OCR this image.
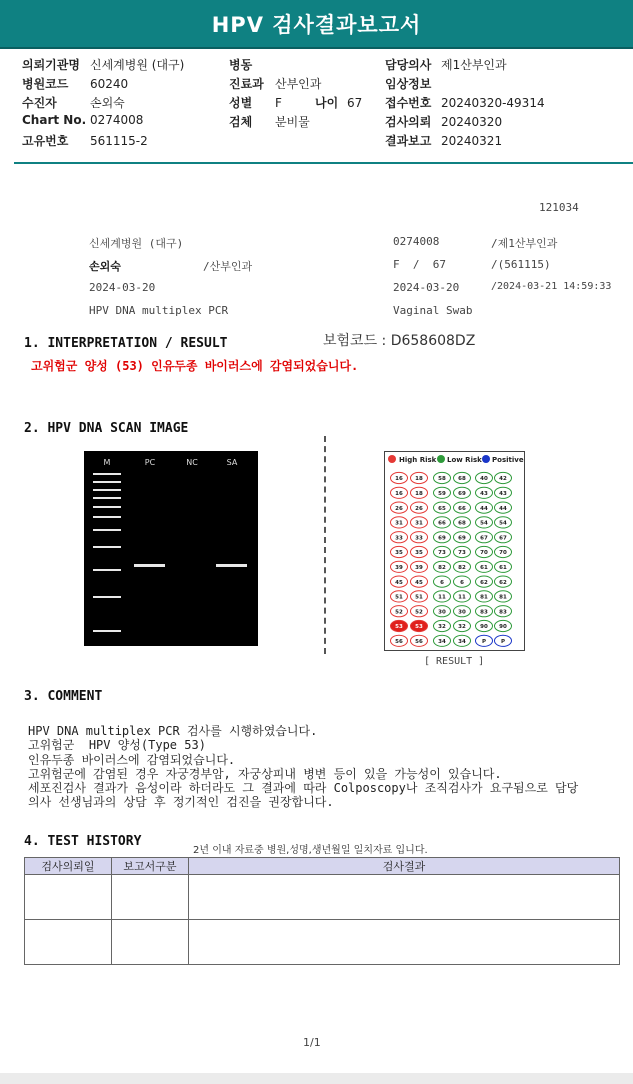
HPV 검사결과보고서
의뢰기관명 신세계병원 (대구)
병원코드 60240
수진자	손외숙
Chart No. 0274008
고유번호 561115-2
병동
진료과 산부인과
성별 F	나이 67
검체 분비물
담당의사 제1산부인과
임상정보
접수번호 20240320-49314
검사의뢰 20240320
결과보고 20240321
121034
신세계병원 (대구)	0274008	/제1산부인과
손외숙	/산부인과	F  /  67	/(561115)
2024-03-20	2024-03-20	/2024-03-21 14:59:33
HPV DNA multiplex PCR	Vaginal Swab
1. INTERPRETATION / RESULT	보험코드 : D658608DZ
고위험군 양성 (53) 인유두종 바이러스에 감염되었습니다.
2. HPV DNA SCAN IMAGE
M	PC	NC	SA	High Risk Low Risk Positive
16 18	58 68	40 42
16 18	59 69	43 43
26 26	65 66	44 44
31 31	66 68	54 54
33 33	69 69	67 67
35 35	73 73	70 70
39 39	82 82	61 61
45 45	6	6	62 62
51 51	11 11	81 81
52 52	30 30	83 83
53 53	32 32	90 90
56 56	34 34	P	P
[ RESULT ]
3. COMMENT
HPV DNA multiplex PCR 검사를 시행하였습니다.
고위험군  HPV 양성(Type 53)
인유두종 바이러스에 감염되었습니다.
고위험군에 감염된 경우 자궁경부암, 자궁상피내 병변 등이 있을 가능성이 있습니다.
세포진검사 결과가 음성이라 하더라도 그 결과에 따라 Colposcopy나 조직검사가 요구됨으로 담당
의사 선생님과의 상담 후 정기적인 검진을 권장합니다.
4. TEST HISTORY
2년 이내 자료중 병원,성명,생년월일 일치자료 입니다.
검사의뢰일	보고서구분	검사결과

1/1
